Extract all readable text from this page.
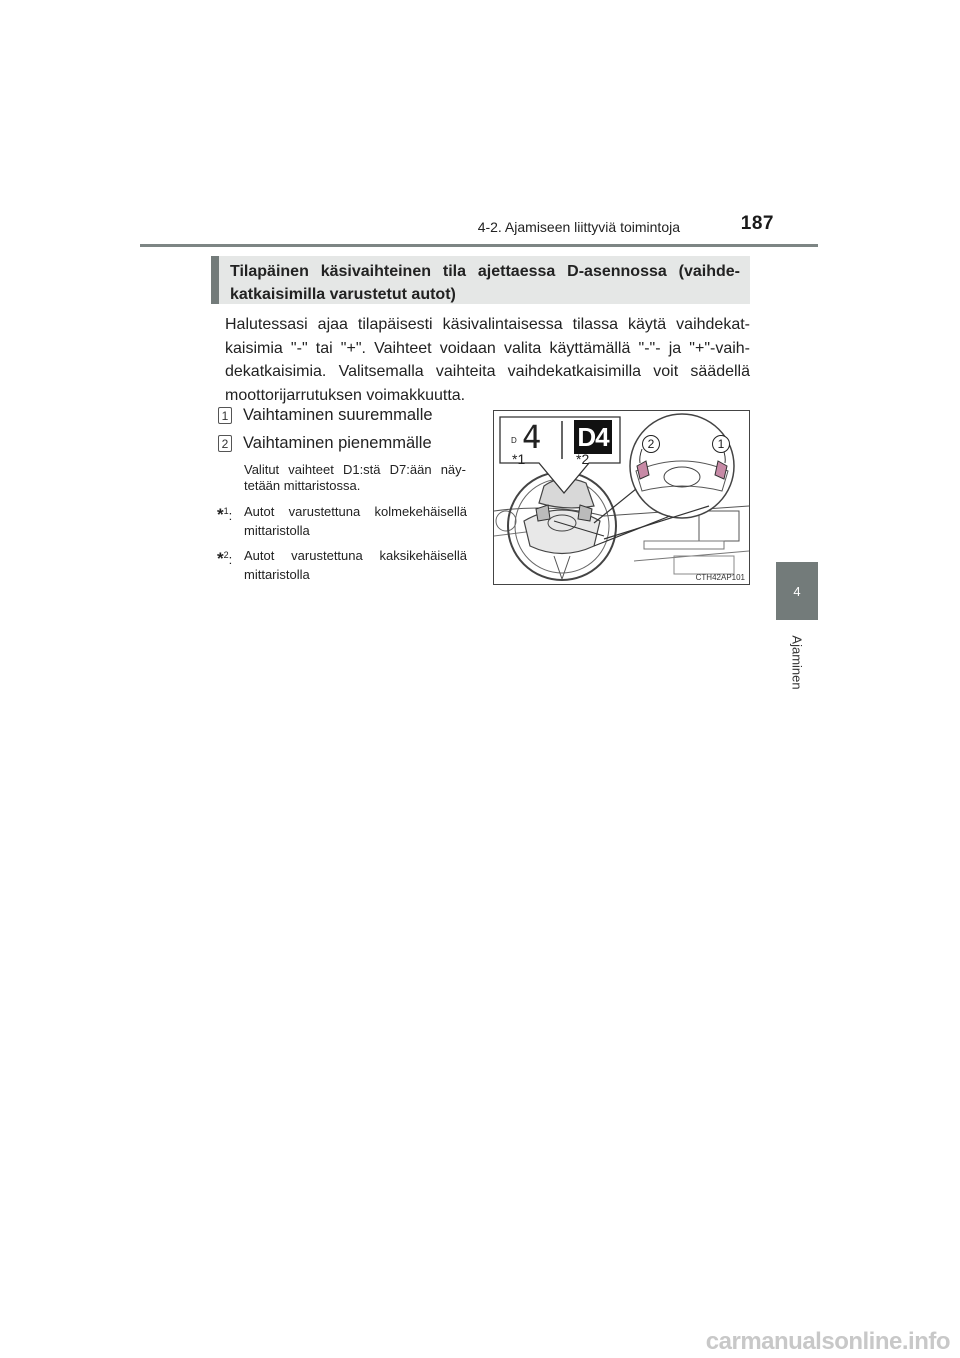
4-2. Ajamiseen liittyviä toimintoja	187
4
Ajaminen
Tilapäinen käsivaihteinen tila ajettaessa D-asennossa (vaihde-katkaisimilla varustetut autot)
Halutessasi ajaa tilapäisesti käsivalintaisessa tilassa käytä vaihdekat-kaisimia "-" tai "+". Vaihteet voidaan valita käyttämällä "-"- ja "+"-vaih-dekatkaisimia. Valitsemalla vaihteita vaihdekatkaisimilla voit säädellä moottorijarrutuksen voimakkuutta.
1 Vaihtaminen suuremmalle
2 Vaihtaminen pienemmälle
Valitut vaihteet D1:stä D7:ään näy-tetään mittaristossa.
*$^1$: Autot varustettuna kolmekehäisellä mittaristolla
*$^2$: Autot varustettuna kaksikehäisellä mittaristolla
D 4 D4
*1	*2
2	1
CTH42AP101
carmanualsonline.info
